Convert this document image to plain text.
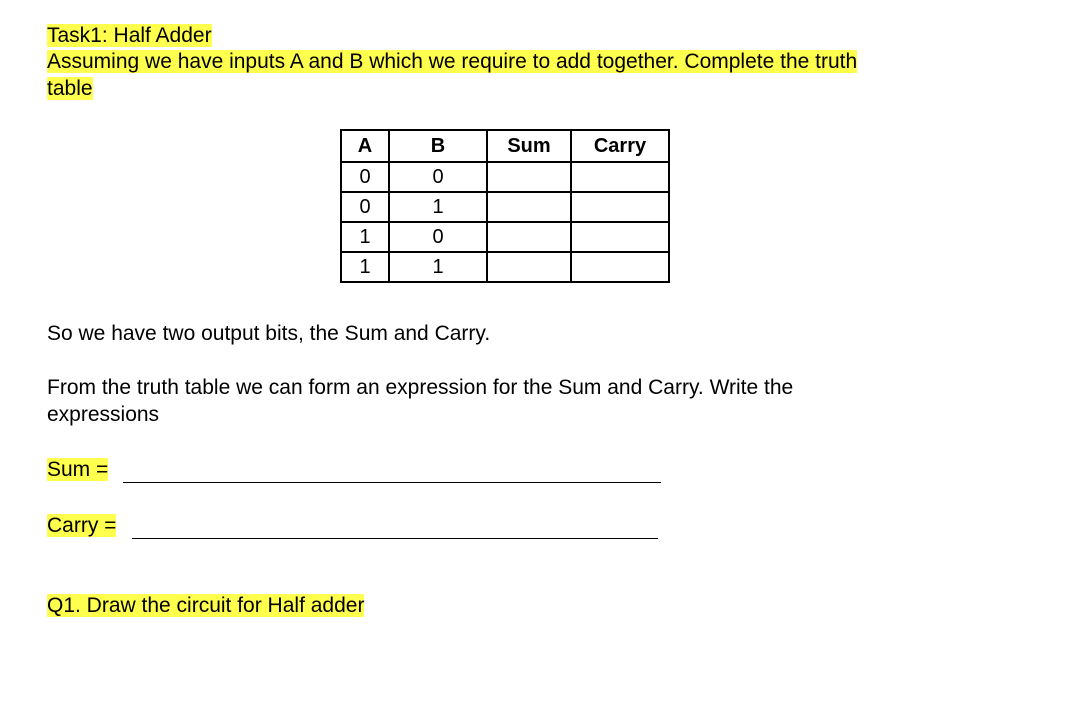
Task1: Half Adder
Assuming we have inputs A and B which we require to add together. Complete the truth
table
A	B	Sum	Carry
0	0		
0	1		
1	0		
1	1		
So we have two output bits, the Sum and Carry.
From the truth table we can form an expression for the Sum and Carry. Write the
expressions
Sum =
Carry =
Q1. Draw the circuit for Half adder
